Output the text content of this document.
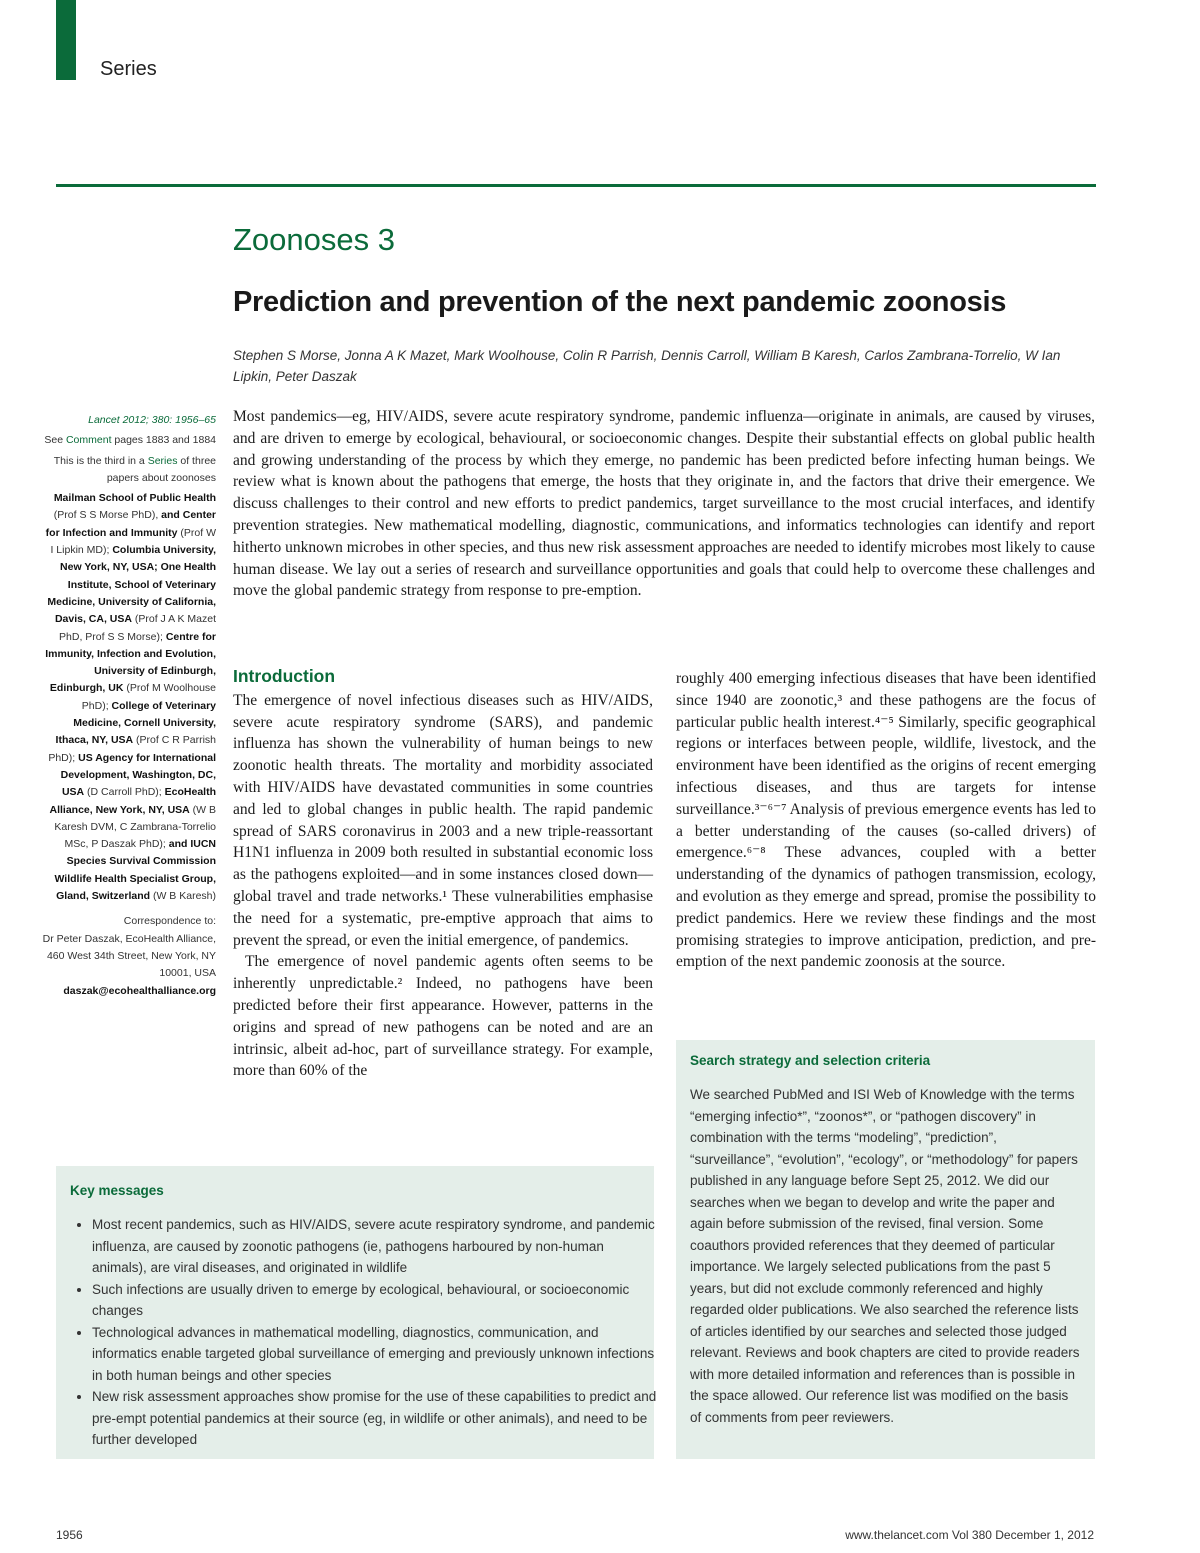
Series
Zoonoses 3
Prediction and prevention of the next pandemic zoonosis
Stephen S Morse, Jonna A K Mazet, Mark Woolhouse, Colin R Parrish, Dennis Carroll, William B Karesh, Carlos Zambrana-Torrelio, W Ian Lipkin, Peter Daszak

Lancet 2012; 380: 1956–65

See Comment pages 1883 and 1884

This is the third in a Series of three papers about zoonoses

Mailman School of Public Health (Prof S S Morse PhD), and Center for Infection and Immunity (Prof W I Lipkin MD); Columbia University, New York, NY, USA; One Health Institute, School of Veterinary Medicine, University of California, Davis, CA, USA (Prof J A K Mazet PhD, Prof S S Morse); Centre for Immunity, Infection and Evolution, University of Edinburgh, Edinburgh, UK (Prof M Woolhouse PhD); College of Veterinary Medicine, Cornell University, Ithaca, NY, USA (Prof C R Parrish PhD); US Agency for International Development, Washington, DC, USA (D Carroll PhD); EcoHealth Alliance, New York, NY, USA (W B Karesh DVM, C Zambrana-Torrelio MSc, P Daszak PhD); and IUCN Species Survival Commission Wildlife Health Specialist Group, Gland, Switzerland (W B Karesh)

Correspondence to:
Dr Peter Daszak, EcoHealth Alliance, 460 West 34th Street, New York, NY 10001, USA
daszak@ecohealthalliance.org

Most pandemics—eg, HIV/AIDS, severe acute respiratory syndrome, pandemic influenza—originate in animals, are caused by viruses, and are driven to emerge by ecological, behavioural, or socioeconomic changes. Despite their substantial effects on global public health and growing understanding of the process by which they emerge, no pandemic has been predicted before infecting human beings. We review what is known about the pathogens that emerge, the hosts that they originate in, and the factors that drive their emergence. We discuss challenges to their control and new efforts to predict pandemics, target surveillance to the most crucial interfaces, and identify prevention strategies. New mathematical modelling, diagnostic, communications, and informatics technologies can identify and report hitherto unknown microbes in other species, and thus new risk assessment approaches are needed to identify microbes most likely to cause human disease. We lay out a series of research and surveillance opportunities and goals that could help to overcome these challenges and move the global pandemic strategy from response to pre-emption.

Introduction

The emergence of novel infectious diseases such as HIV/AIDS, severe acute respiratory syndrome (SARS), and pandemic influenza has shown the vulnerability of human beings to new zoonotic health threats. The mortality and morbidity associated with HIV/AIDS have devastated communities in some countries and led to global changes in public health. The rapid pandemic spread of SARS coronavirus in 2003 and a new triple-reassortant H1N1 influenza in 2009 both resulted in substantial economic loss as the pathogens exploited—and in some instances closed down—global travel and trade networks.¹ These vulnerabilities emphasise the need for a systematic, pre-emptive approach that aims to prevent the spread, or even the initial emergence, of pandemics.

The emergence of novel pandemic agents often seems to be inherently unpredictable.² Indeed, no pathogens have been predicted before their first appearance. However, patterns in the origins and spread of new pathogens can be noted and are an intrinsic, albeit ad-hoc, part of surveillance strategy. For example, more than 60% of the

roughly 400 emerging infectious diseases that have been identified since 1940 are zoonotic,³ and these pathogens are the focus of particular public health interest.⁴⁻⁵ Similarly, specific geographical regions or interfaces between people, wildlife, livestock, and the environment have been identified as the origins of recent emerging infectious diseases, and thus are targets for intense surveillance.³⁻⁶⁻⁷ Analysis of previous emergence events has led to a better understanding of the causes (so-called drivers) of emergence.⁶⁻⁸ These advances, coupled with a better understanding of the dynamics of pathogen transmission, ecology, and evolution as they emerge and spread, promise the possibility to predict pandemics. Here we review these findings and the most promising strategies to improve anticipation, prediction, and pre-emption of the next pandemic zoonosis at the source.

Search strategy and selection criteria

We searched PubMed and ISI Web of Knowledge with the terms “emerging infectio*”, “zoonos*”, or “pathogen discovery” in combination with the terms “modeling”, “prediction”, “surveillance”, “evolution”, “ecology”, or “methodology” for papers published in any language before Sept 25, 2012. We did our searches when we began to develop and write the paper and again before submission of the revised, final version. Some coauthors provided references that they deemed of particular importance. We largely selected publications from the past 5 years, but did not exclude commonly referenced and highly regarded older publications. We also searched the reference lists of articles identified by our searches and selected those judged relevant. Reviews and book chapters are cited to provide readers with more detailed information and references than is possible in the space allowed. Our reference list was modified on the basis of comments from peer reviewers.

Key messages
• Most recent pandemics, such as HIV/AIDS, severe acute respiratory syndrome, and pandemic influenza, are caused by zoonotic pathogens (ie, pathogens harboured by non-human animals), are viral diseases, and originated in wildlife
• Such infections are usually driven to emerge by ecological, behavioural, or socioeconomic changes
• Technological advances in mathematical modelling, diagnostics, communication, and informatics enable targeted global surveillance of emerging and previously unknown infections in both human beings and other species
• New risk assessment approaches show promise for the use of these capabilities to predict and pre-empt potential pandemics at their source (eg, in wildlife or other animals), and need to be further developed
1956	www.thelancet.com Vol 380 December 1, 2012
